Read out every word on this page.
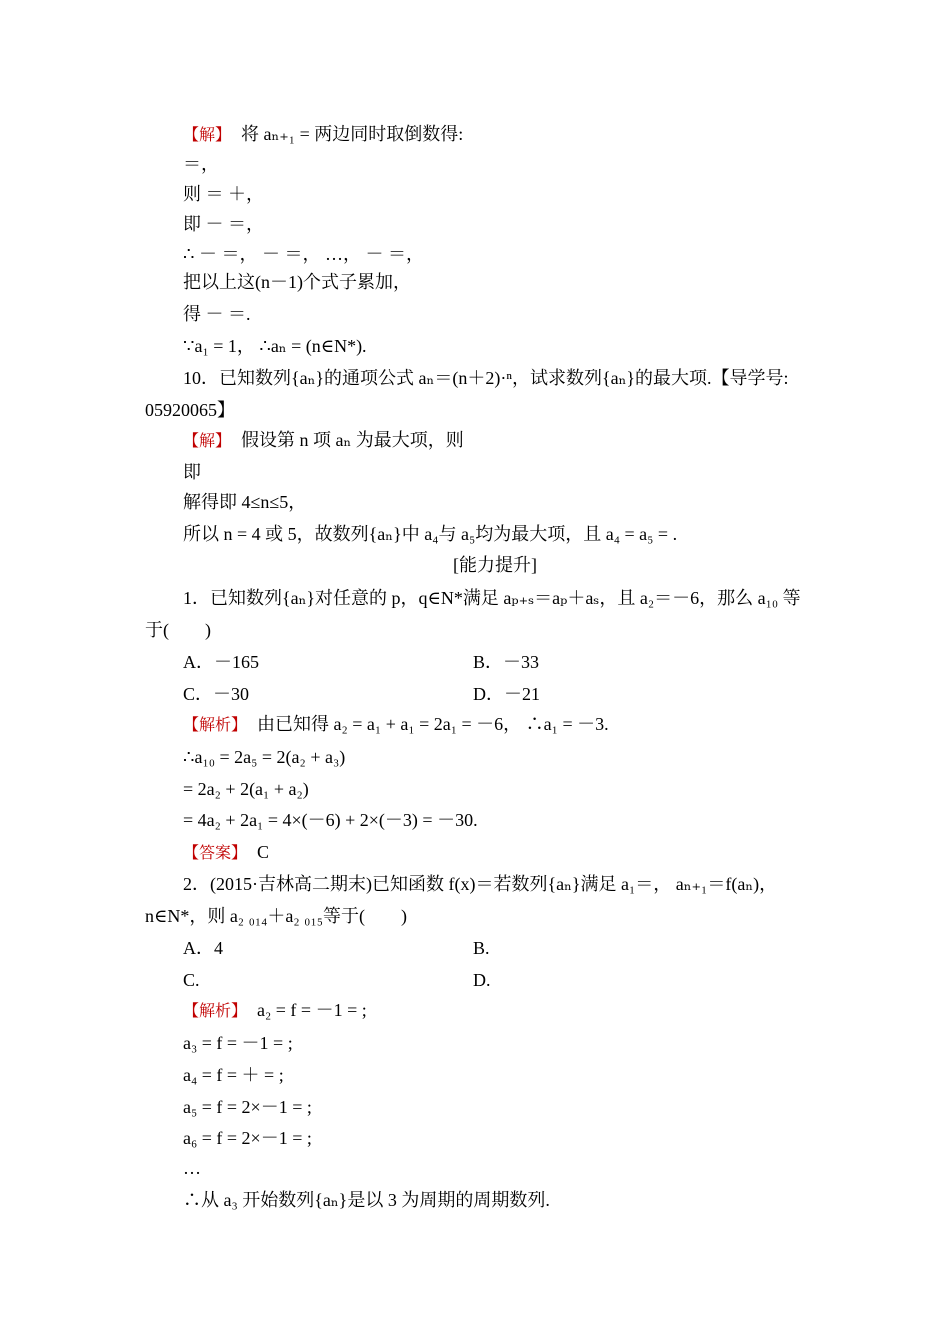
【解】　将 aₙ₊₁ = 两边同时取倒数得:
＝，
则 ＝ ＋，
即 － ＝，
∴ － ＝， － ＝， …， － ＝，
把以上这(n－1)个式子累加，
得 － ＝.
∵a₁ = 1， ∴aₙ = (n∈N*).
10．已知数列{aₙ}的通项公式 aₙ＝(n＋2)·ⁿ，试求数列{aₙ}的最大项.【导学号:
05920065】
【解】　假设第 n 项 aₙ 为最大项，则
即
解得即 4≤n≤5，
所以 n = 4 或 5，故数列{aₙ}中 a₄与 a₅均为最大项，且 a₄ = a₅ = .
[能力提升]
1．已知数列{aₙ}对任意的 p，q∈N*满足 aₚ₊ₛ＝aₚ＋aₛ，且 a₂＝－6，那么 a₁₀ 等
于(　　)
A．－165	B．－33
C．－30	D．－21
【解析】　由已知得 a₂ = a₁ + a₁ = 2a₁ = －6， ∴a₁ = －3.
∴a₁₀ = 2a₅ = 2(a₂ + a₃)
= 2a₂ + 2(a₁ + a₂)
= 4a₂ + 2a₁ = 4×(－6) + 2×(－3) = －30.
【答案】　C
2．(2015·吉林高二期末)已知函数 f(x)＝若数列{aₙ}满足 a₁＝， aₙ₊₁＝f(aₙ)，
n∈N*，则 a₂ ₀₁₄＋a₂ ₀₁₅等于(　　)
A．4	B.
C.	D.
【解析】　a₂ = f = －1 = ;
a₃ = f = －1 = ;
a₄ = f = ＋ = ;
a₅ = f = 2×－1 = ;
a₆ = f = 2×－1 = ;
…
∴从 a₃ 开始数列{aₙ}是以 3 为周期的周期数列.
